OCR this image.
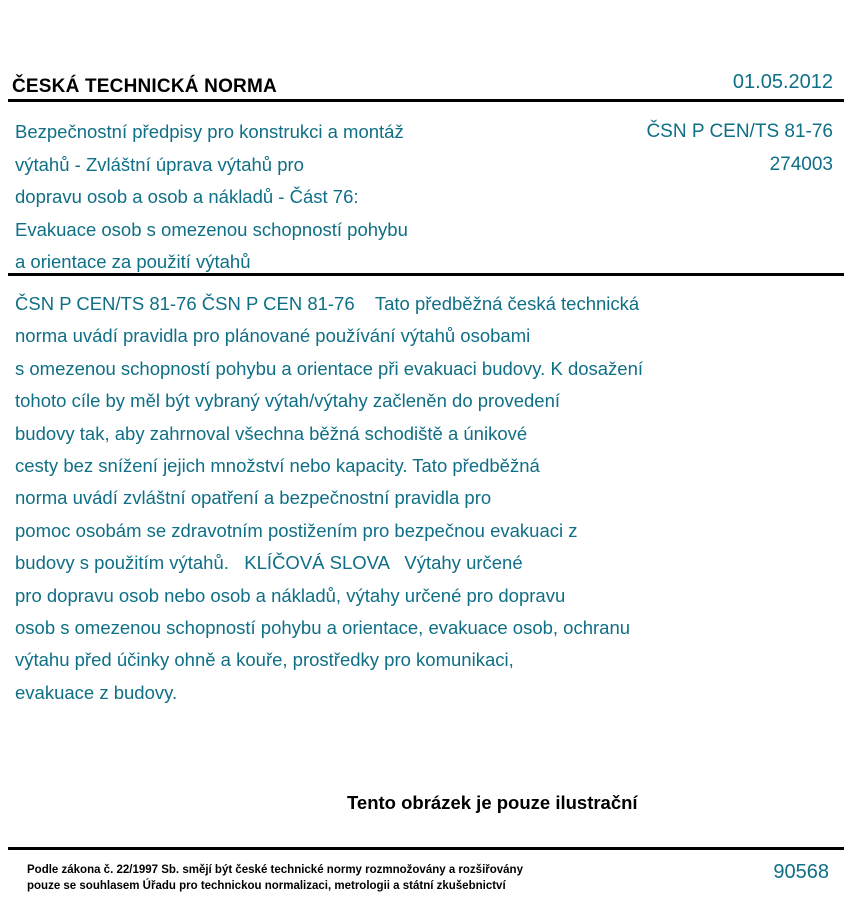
ČESKÁ TECHNICKÁ NORMA	01.05.2012
Bezpečnostní předpisy pro konstrukci a montáž
výtahů - Zvláštní úprava výtahů pro
dopravu osob a osob a nákladů - Část 76:
Evakuace osob s omezenou schopností pohybu
a orientace za použití výtahů
ČSN P CEN/TS 81-76
274003
ČSN P CEN/TS 81-76 ČSN P CEN 81-76    Tato předběžná česká technická
norma uvádí pravidla pro plánované používání výtahů osobami
s omezenou schopností pohybu a orientace při evakuaci budovy. K dosažení
tohoto cíle by měl být vybraný výtah/výtahy začleněn do provedení
budovy tak, aby zahrnoval všechna běžná schodiště a únikové
cesty bez snížení jejich množství nebo kapacity. Tato předběžná
norma uvádí zvláštní opatření a bezpečnostní pravidla pro
pomoc osobám se zdravotním postižením pro bezpečnou evakuaci z
budovy s použitím výtahů.   KLÍČOVÁ SLOVA   Výtahy určené
pro dopravu osob nebo osob a nákladů, výtahy určené pro dopravu
osob s omezenou schopností pohybu a orientace, evakuace osob, ochranu
výtahu před účinky ohně a kouře, prostředky pro komunikaci,
evakuace z budovy.
Tento obrázek je pouze ilustrační
Podle zákona č. 22/1997 Sb. smějí být české technické normy rozmnožovány a rozšiřovány
pouze se souhlasem Úřadu pro technickou normalizaci, metrologii a státní zkušebnictví
90568
